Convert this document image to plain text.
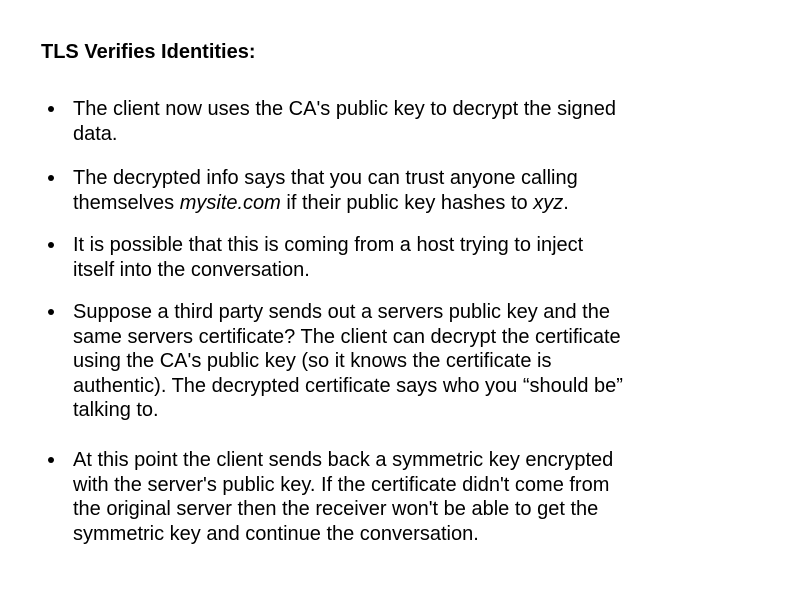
TLS Verifies Identities:
The client now uses the CA's public key to decrypt the signed
data.
The decrypted info says that you can trust anyone calling
themselves mysite.com if their public key hashes to xyz.
It is possible that this is coming from a host trying to inject
itself into the conversation.
Suppose a third party sends out a servers public key and the
same servers certificate? The client can decrypt the certificate
using the CA's public key (so it knows the certificate is
authentic). The decrypted certificate says who you “should be”
talking to.
At this point the client sends back a symmetric key encrypted
with the server's public key. If the certificate didn't come from
the original server then the receiver won't be able to get the
symmetric key and continue the conversation.
